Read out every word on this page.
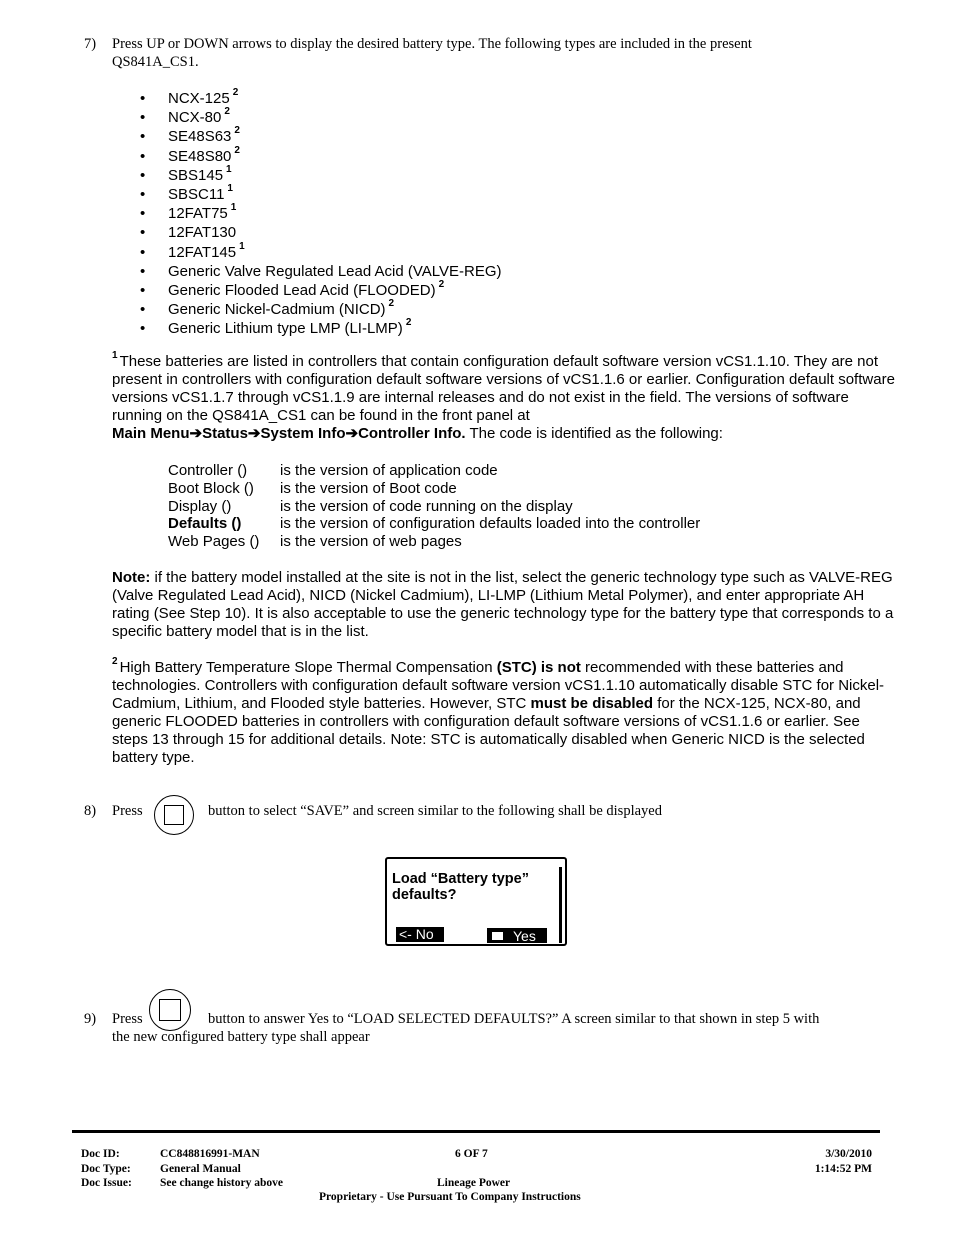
7) Press UP or DOWN arrows to display the desired battery type. The following types are included in the present QS841A_CS1.
• NCX-125 $^2$
• NCX-80 $^2$
• SE48S63 $^2$
• SE48S80 $^2$
• SBS145 $^1$
• SBSC11 $^1$
• 12FAT75 $^1$
• 12FAT130
• 12FAT145 $^1$
• Generic Valve Regulated Lead Acid (VALVE-REG)
• Generic Flooded Lead Acid (FLOODED) $^2$
• Generic Nickel-Cadmium (NICD) $^2$
• Generic Lithium type LMP (LI-LMP) $^2$

$^1$ These batteries are listed in controllers that contain configuration default software version vCS1.1.10. They are not present in controllers with configuration default software versions of vCS1.1.6 or earlier. Configuration default software versions vCS1.1.7 through vCS1.1.9 are internal releases and do not exist in the field. The versions of software running on the QS841A_CS1 can be found in the front panel at
Main Menu➔Status➔System Info➔Controller Info. The code is identified as the following:

Controller ()	is the version of application code
Boot Block ()	is the version of Boot code
Display ()	is the version of code running on the display
Defaults ()	is the version of configuration defaults loaded into the controller
Web Pages ()	is the version of web pages

Note: if the battery model installed at the site is not in the list, select the generic technology type such as VALVE-REG (Valve Regulated Lead Acid), NICD (Nickel Cadmium), LI-LMP (Lithium Metal Polymer), and enter appropriate AH rating (See Step 10). It is also acceptable to use the generic technology type for the battery type that corresponds to a specific battery model that is in the list.

$^2$ High Battery Temperature Slope Thermal Compensation (STC) is not recommended with these batteries and technologies. Controllers with configuration default software version vCS1.1.10 automatically disable STC for Nickel-Cadmium, Lithium, and Flooded style batteries. However, STC must be disabled for the NCX-125, NCX-80, and generic FLOODED batteries in controllers with configuration default software versions of vCS1.1.6 or earlier. See steps 13 through 15 for additional details. Note: STC is automatically disabled when Generic NICD is the selected battery type.

8) Press	button to select “SAVE” and screen similar to the following shall be displayed
Load “Battery type”
defaults?
<- No	Yes
9) Press	button to answer Yes to “LOAD SELECTED DEFAULTS?” A screen similar to that shown in step 5 with
the new configured battery type shall appear
Doc ID:
Doc Type:
Doc Issue:
CC848816991-MAN
General Manual
See change history above
6 OF 7
Lineage Power
Proprietary - Use Pursuant To Company Instructions
3/30/2010
1:14:52 PM
